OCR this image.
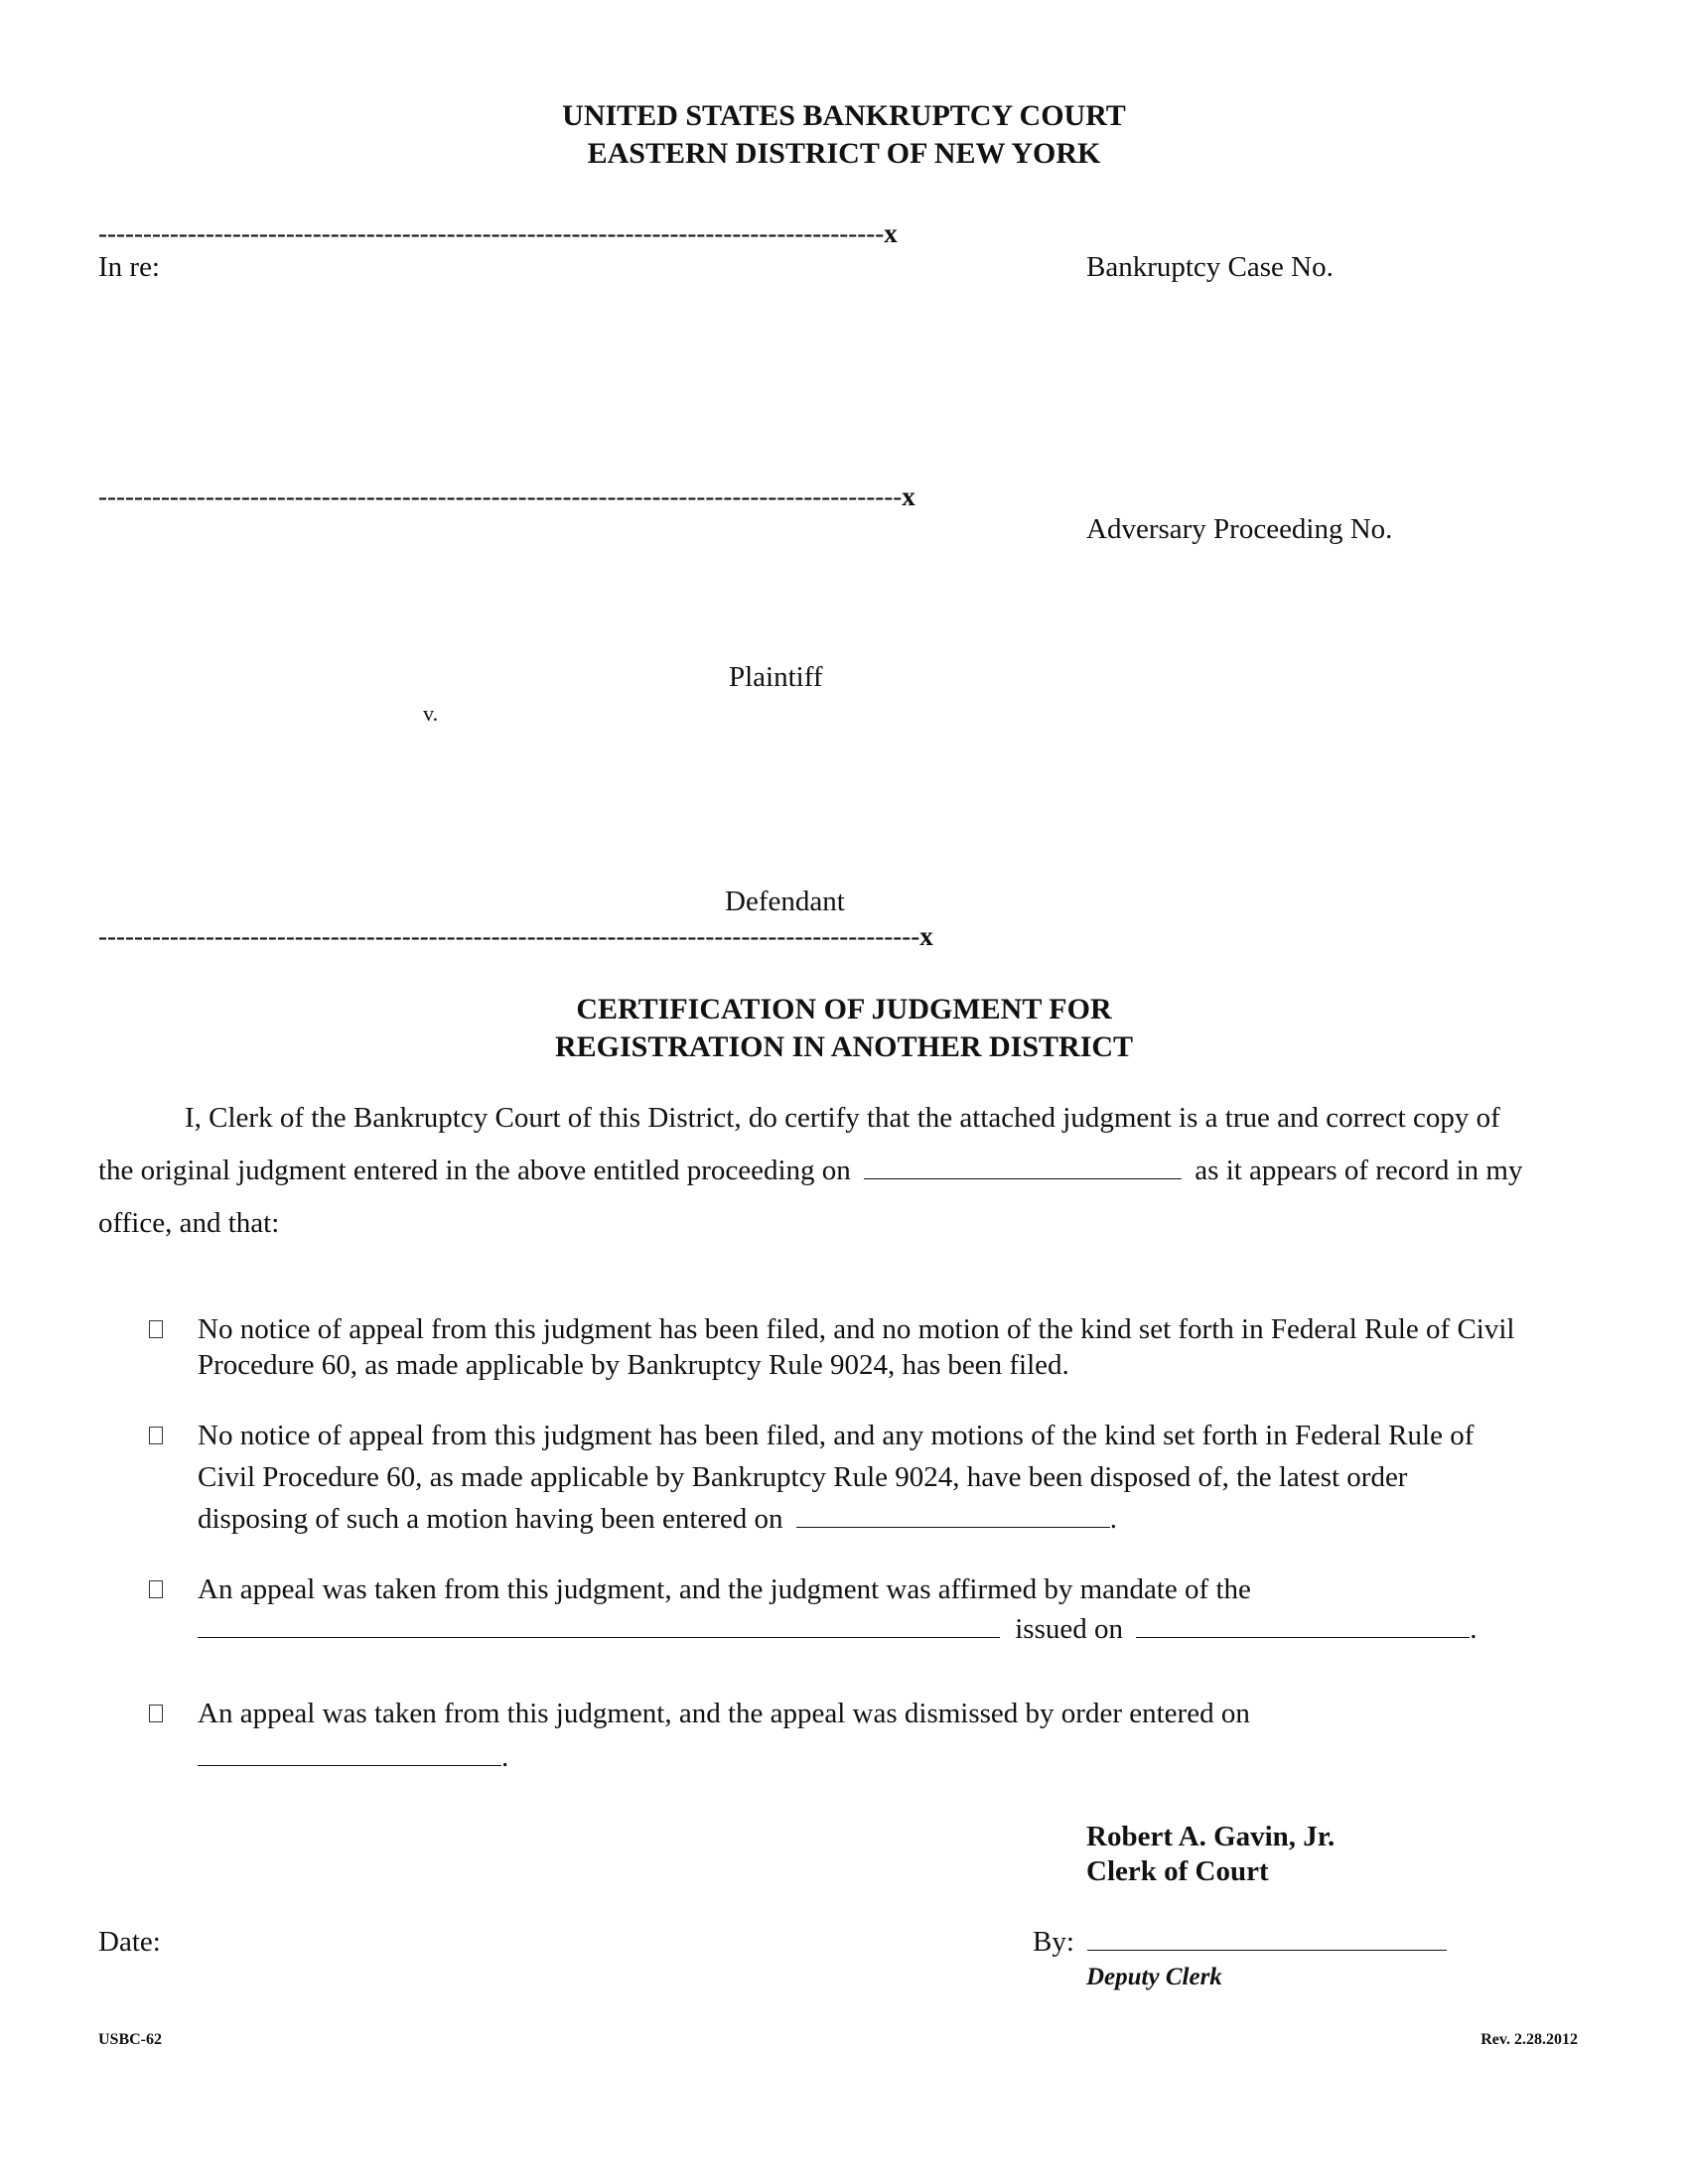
UNITED STATES BANKRUPTCY COURT
EASTERN DISTRICT OF NEW YORK
----------------------------------------------------------------------------------------x
In re:	Bankruptcy Case No.
------------------------------------------------------------------------------------------x
Adversary Proceeding No.
Plaintiff
v.
Defendant
--------------------------------------------------------------------------------------------x
CERTIFICATION OF JUDGMENT FOR
REGISTRATION IN ANOTHER DISTRICT
I, Clerk of the Bankruptcy Court of this District, do certify that the attached judgment is a true and correct copy of
the original judgment entered in the above entitled proceeding on	as it appears of record in my
office, and that:
No notice of appeal from this judgment has been filed, and no motion of the kind set forth in Federal Rule of Civil
Procedure 60, as made applicable by Bankruptcy Rule 9024, has been filed.
No notice of appeal from this judgment has been filed, and any motions of the kind set forth in Federal Rule of
Civil Procedure 60, as made applicable by Bankruptcy Rule 9024, have been disposed of, the latest order
disposing of such a motion having been entered on	.
An appeal was taken from this judgment, and the judgment was affirmed by mandate of the
issued on	.
An appeal was taken from this judgment, and the appeal was dismissed by order entered on
.
Robert A. Gavin, Jr.
Clerk of Court
Date:	By:
Deputy Clerk
USBC-62	Rev. 2.28.2012
